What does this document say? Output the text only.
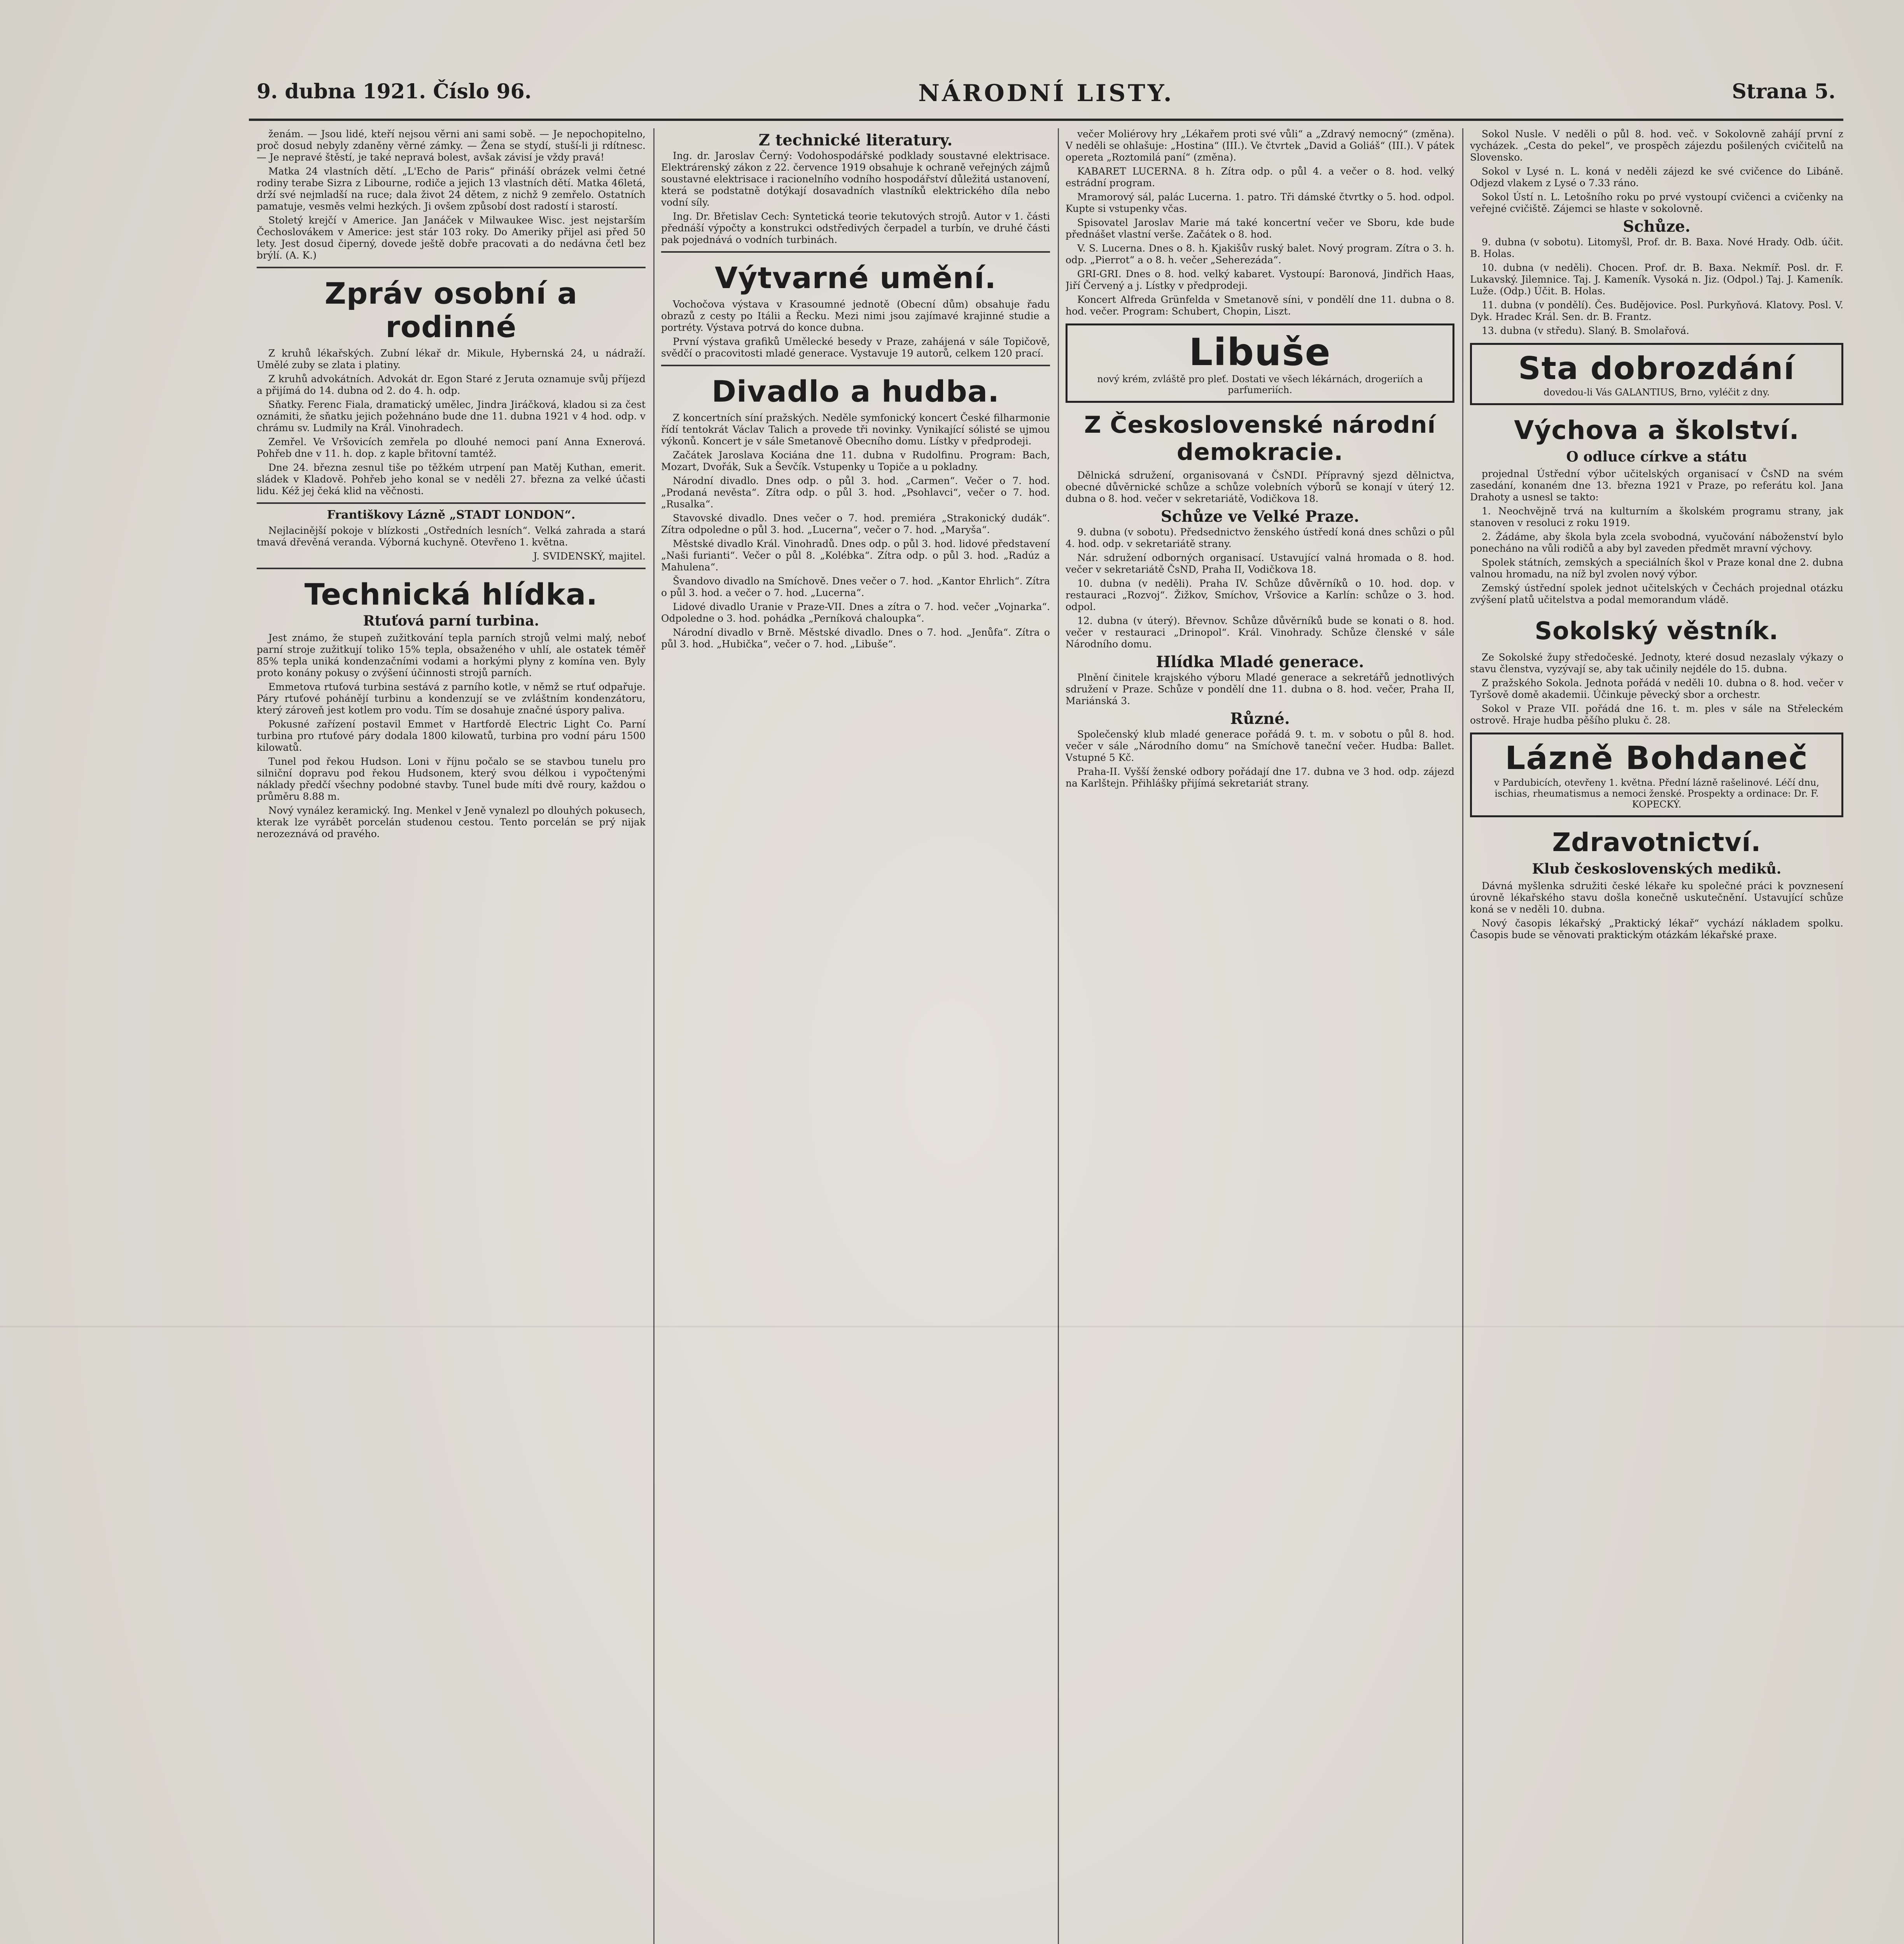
9. dubna 1921. Číslo 96.	NÁRODNÍ LISTY.	Strana 5.

ženám. — Jsou lidé, kteří nejsou věrni ani sami sobě. — Je nepochopitelno, proč dosud nebyly zdaněny věrné zámky. — Žena se stydí, stuší-li ji rdítnesc. — Je nepravé štěstí, je také nepravá bolest, avšak závisí je vždy pravá!

Matka 24 vlastních dětí. „L'Echo de Paris“ přináší obrázek velmi četné rodiny terabe Sizra z Libourne, rodiče a jejich 13 vlastních dětí. Matka 46letá, drží své nejmladší na ruce; dala život 24 dětem, z nichž 9 zemřelo. Ostatních pamatuje, vesměs velmi hezkých. Ji ovšem způsobí dost radostí i starostí.

Stoletý krejčí v Americe. Jan Janáček v Milwaukee Wisc. jest nejstarším Čechoslovákem v Americe: jest stár 103 roky. Do Ameriky přijel asi před 50 lety. Jest dosud čiperný, dovede ještě dobře pracovati a do nedávna četl bez brýlí. (A. K.)

Zpráv osobní a rodinné

Z kruhů lékařských. Zubní lékař dr. Mikule, Hybernská 24, u nádraží. Umělé zuby se zlata i platiny.

Z kruhů advokátních. Advokát dr. Egon Staré z Jeruta oznamuje svůj příjezd a přijímá do 14. dubna od 2. do 4. h. odp.

Sňatky. Ferenc Fiala, dramatický umělec, Jindra Jiráčková, kladou si za čest oznámiti, že sňatku jejich požehnáno bude dne 11. dubna 1921 v 4 hod. odp. v chrámu sv. Ludmily na Král. Vinohradech.

Zemřel. Ve Vršovicích zemřela po dlouhé nemoci paní Anna Exnerová. Pohřeb dne v 11. h. dop. z kaple břitovní tamtéž.

Dne 24. března zesnul tiše po těžkém utrpení pan Matěj Kuthan, emerit. sládek v Kladově. Pohřeb jeho konal se v neděli 27. března za velké účasti lidu. Kéž jej čeká klid na věčnosti.

Františkovy Lázně „STADT LONDON“.

Nejlacinější pokoje v blízkosti „Ostředních lesních“. Velká zahrada a stará tmavá dřevěná veranda. Výborná kuchyně. Otevřeno 1. května.

J. SVIDENSKÝ, majitel.

Technická hlídka.
Rtuťová parní turbina.

Jest známo, že stupeň zužitkování tepla parních strojů velmi malý, neboť parní stroje zužitkují toliko 15% tepla, obsaženého v uhlí, ale ostatek téměř 85% tepla uniká kondenzačními vodami a horkými plyny z komína ven. Byly proto konány pokusy o zvýšení účinnosti strojů parních.

Emmetova rtuťová turbina sestává z parního kotle, v němž se rtuť odpařuje. Páry rtuťové pohánějí turbinu a kondenzují se ve zvláštním kondenzátoru, který zároveň jest kotlem pro vodu. Tím se dosahuje značné úspory paliva.

Pokusné zařízení postavil Emmet v Hartfordě Electric Light Co. Parní turbina pro rtuťové páry dodala 1800 kilowatů, turbina pro vodní páru 1500 kilowatů.

Tunel pod řekou Hudson. Loni v říjnu počalo se se stavbou tunelu pro silniční dopravu pod řekou Hudsonem, který svou délkou i vypočtenými náklady předčí všechny podobné stavby. Tunel bude míti dvě roury, každou o průměru 8.88 m.

Nový vynález keramický. Ing. Menkel v Jeně vynalezl po dlouhých pokusech, kterak lze vyrábět porcelán studenou cestou. Tento porcelán se prý nijak nerozeznává od pravého.

Z technické literatury.

Ing. dr. Jaroslav Černý: Vodohospodářské podklady soustavné elektrisace. Elektrárenský zákon z 22. července 1919 obsahuje k ochraně veřejných zájmů soustavné elektrisace i racionelního vodního hospodářství důležitá ustanovení, která se podstatně dotýkají dosavadních vlastníků elektrického díla nebo vodní síly.

Ing. Dr. Břetislav Cech: Syntetická teorie tekutových strojů. Autor v 1. části přednáší výpočty a konstrukci odstředivých čerpadel a turbín, ve druhé části pak pojednává o vodních turbinách.

Výtvarné umění.

Vochočova výstava v Krasoumné jednotě (Obecní dům) obsahuje řadu obrazů z cesty po Itálii a Řecku. Mezi nimi jsou zajímavé krajinné studie a portréty. Výstava potrvá do konce dubna.

První výstava grafiků Umělecké besedy v Praze, zahájená v sále Topičově, svědčí o pracovitosti mladé generace. Vystavuje 19 autorů, celkem 120 prací.

Divadlo a hudba.

Z koncertních síní pražských. Neděle symfonický koncert České filharmonie řídí tentokrát Václav Talich a provede tři novinky. Vynikající sólisté se ujmou výkonů. Koncert je v sále Smetanově Obecního domu. Lístky v předprodeji.

Začátek Jaroslava Kociána dne 11. dubna v Rudolfinu. Program: Bach, Mozart, Dvořák, Suk a Ševčík. Vstupenky u Topiče a u pokladny.

Národní divadlo. Dnes odp. o půl 3. hod. „Carmen“. Večer o 7. hod. „Prodaná nevěsta“. Zítra odp. o půl 3. hod. „Psohlavci“, večer o 7. hod. „Rusalka“.

Stavovské divadlo. Dnes večer o 7. hod. premiéra „Strakonický dudák“. Zítra odpoledne o půl 3. hod. „Lucerna“, večer o 7. hod. „Maryša“.

Městské divadlo Král. Vinohradů. Dnes odp. o půl 3. hod. lidové představení „Naši furianti“. Večer o půl 8. „Kolébka“. Zítra odp. o půl 3. hod. „Radúz a Mahulena“.

Švandovo divadlo na Smíchově. Dnes večer o 7. hod. „Kantor Ehrlich“. Zítra o půl 3. hod. a večer o 7. hod. „Lucerna“.

Lidové divadlo Uranie v Praze-VII. Dnes a zítra o 7. hod. večer „Vojnarka“. Odpoledne o 3. hod. pohádka „Perníková chaloupka“.

Národní divadlo v Brně. Městské divadlo. Dnes o 7. hod. „Jenůfa“. Zítra o půl 3. hod. „Hubička“, večer o 7. hod. „Libuše“.

večer Moliérovy hry „Lékařem proti své vůli“ a „Zdravý nemocný“ (změna). V neděli se ohlašuje: „Hostina“ (III.). Ve čtvrtek „David a Goliáš“ (III.). V pátek opereta „Roztomilá paní“ (změna).

KABARET LUCERNA. 8 h. Zítra odp. o půl 4. a večer o 8. hod. velký estrádní program.

Mramorový sál, palác Lucerna. 1. patro. Tři dámské čtvrtky o 5. hod. odpol. Kupte si vstupenky včas.

Spisovatel Jaroslav Marie má také koncertní večer ve Sboru, kde bude přednášet vlastní verše. Začátek o 8. hod.

V. S. Lucerna. Dnes o 8. h. Kjakišův ruský balet. Nový program. Zítra o 3. h. odp. „Pierrot“ a o 8. h. večer „Seherezáda“.

GRI-GRI. Dnes o 8. hod. velký kabaret. Vystoupí: Baronová, Jindřich Haas, Jiří Červený a j. Lístky v předprodeji.

Koncert Alfreda Grünfelda v Smetanově síni, v pondělí dne 11. dubna o 8. hod. večer. Program: Schubert, Chopin, Liszt.

Libuše
nový krém, zvláště pro pleť. Dostati ve všech lékárnách, drogeriích a parfumeriích.
Z Československé národní demokracie.

Dělnická sdružení, organisovaná v ČsNDI. Přípravný sjezd dělnictva, obecné důvěrnické schůze a schůze volebních výborů se konají v úterý 12. dubna o 8. hod. večer v sekretariátě, Vodičkova 18.

Schůze ve Velké Praze.

9. dubna (v sobotu). Předsednictvo ženského ústředí koná dnes schůzi o půl 4. hod. odp. v sekretariátě strany.

Nár. sdružení odborných organisací. Ustavující valná hromada o 8. hod. večer v sekretariátě ČsND, Praha II, Vodičkova 18.

10. dubna (v neděli). Praha IV. Schůze důvěrníků o 10. hod. dop. v restauraci „Rozvoj“. Žižkov, Smíchov, Vršovice a Karlín: schůze o 3. hod. odpol.

12. dubna (v úterý). Břevnov. Schůze důvěrníků bude se konati o 8. hod. večer v restauraci „Drinopol“. Král. Vinohrady. Schůze členské v sále Národního domu.

Hlídka Mladé generace.

Plnění činitele krajského výboru Mladé generace a sekretářů jednotlivých sdružení v Praze. Schůze v pondělí dne 11. dubna o 8. hod. večer, Praha II, Mariánská 3.

Různé.

Společenský klub mladé generace pořádá 9. t. m. v sobotu o půl 8. hod. večer v sále „Národního domu“ na Smíchově taneční večer. Hudba: Ballet. Vstupné 5 Kč.

Praha-II. Vyšší ženské odbory pořádají dne 17. dubna ve 3 hod. odp. zájezd na Karlštejn. Přihlášky přijímá sekretariát strany.

Sokol Nusle. V neděli o půl 8. hod. več. v Sokolovně zahájí první z vycházek. „Cesta do pekel“, ve prospěch zájezdu pošilených cvičitelů na Slovensko.

Sokol v Lysé n. L. koná v neděli zájezd ke své cvičence do Libáně. Odjezd vlakem z Lysé o 7.33 ráno.

Sokol Ústí n. L. Letošního roku po prvé vystoupí cvičenci a cvičenky na veřejné cvičiště. Zájemci se hlaste v sokolovně.

Schůze.

9. dubna (v sobotu). Litomyšl, Prof. dr. B. Baxa. Nové Hrady. Odb. účit. B. Holas.

10. dubna (v neděli). Chocen. Prof. dr. B. Baxa. Nekmíř. Posl. dr. F. Lukavský. Jilemnice. Taj. J. Kameník. Vysoká n. Jiz. (Odpol.) Taj. J. Kameník. Luže. (Odp.) Účit. B. Holas.

11. dubna (v pondělí). Čes. Budějovice. Posl. Purkyňová. Klatovy. Posl. V. Dyk. Hradec Král. Sen. dr. B. Frantz.

13. dubna (v středu). Slaný. B. Smolařová.

Sta dobrozdání
dovedou-li Vás GALANTIUS, Brno, vyléčit z dny.
Výchova a školství.
O odluce církve a státu

projednal Ústřední výbor učitelských organisací v ČsND na svém zasedání, konaném dne 13. března 1921 v Praze, po referátu kol. Jana Drahoty a usnesl se takto:

1. Neochvějně trvá na kulturním a školském programu strany, jak stanoven v resoluci z roku 1919.

2. Žádáme, aby škola byla zcela svobodná, vyučování náboženství bylo ponecháno na vůli rodičů a aby byl zaveden předmět mravní výchovy.

Spolek státních, zemských a speciálních škol v Praze konal dne 2. dubna valnou hromadu, na níž byl zvolen nový výbor.

Zemský ústřední spolek jednot učitelských v Čechách projednal otázku zvýšení platů učitelstva a podal memorandum vládě.

Sokolský věstník.

Ze Sokolské župy středočeské. Jednoty, které dosud nezaslaly výkazy o stavu členstva, vyzývají se, aby tak učinily nejdéle do 15. dubna.

Z pražského Sokola. Jednota pořádá v neděli 10. dubna o 8. hod. večer v Tyršově domě akademii. Účinkuje pěvecký sbor a orchestr.

Sokol v Praze VII. pořádá dne 16. t. m. ples v sále na Střeleckém ostrově. Hraje hudba pěšího pluku č. 28.

Lázně Bohdaneč
v Pardubicích, otevřeny 1. května. Přední lázně rašelinové. Léčí dnu, ischias, rheumatismus a nemoci ženské. Prospekty a ordinace: Dr. F. KOPECKÝ.
Zdravotnictví.
Klub československých mediků.

Dávná myšlenka sdružiti české lékaře ku společné práci k povznesení úrovně lékařského stavu došla konečně uskutečnění. Ustavující schůze koná se v neděli 10. dubna.

Nový časopis lékařský „Praktický lékař“ vychází nákladem spolku. Časopis bude se věnovati praktickým otázkám lékařské praxe.
